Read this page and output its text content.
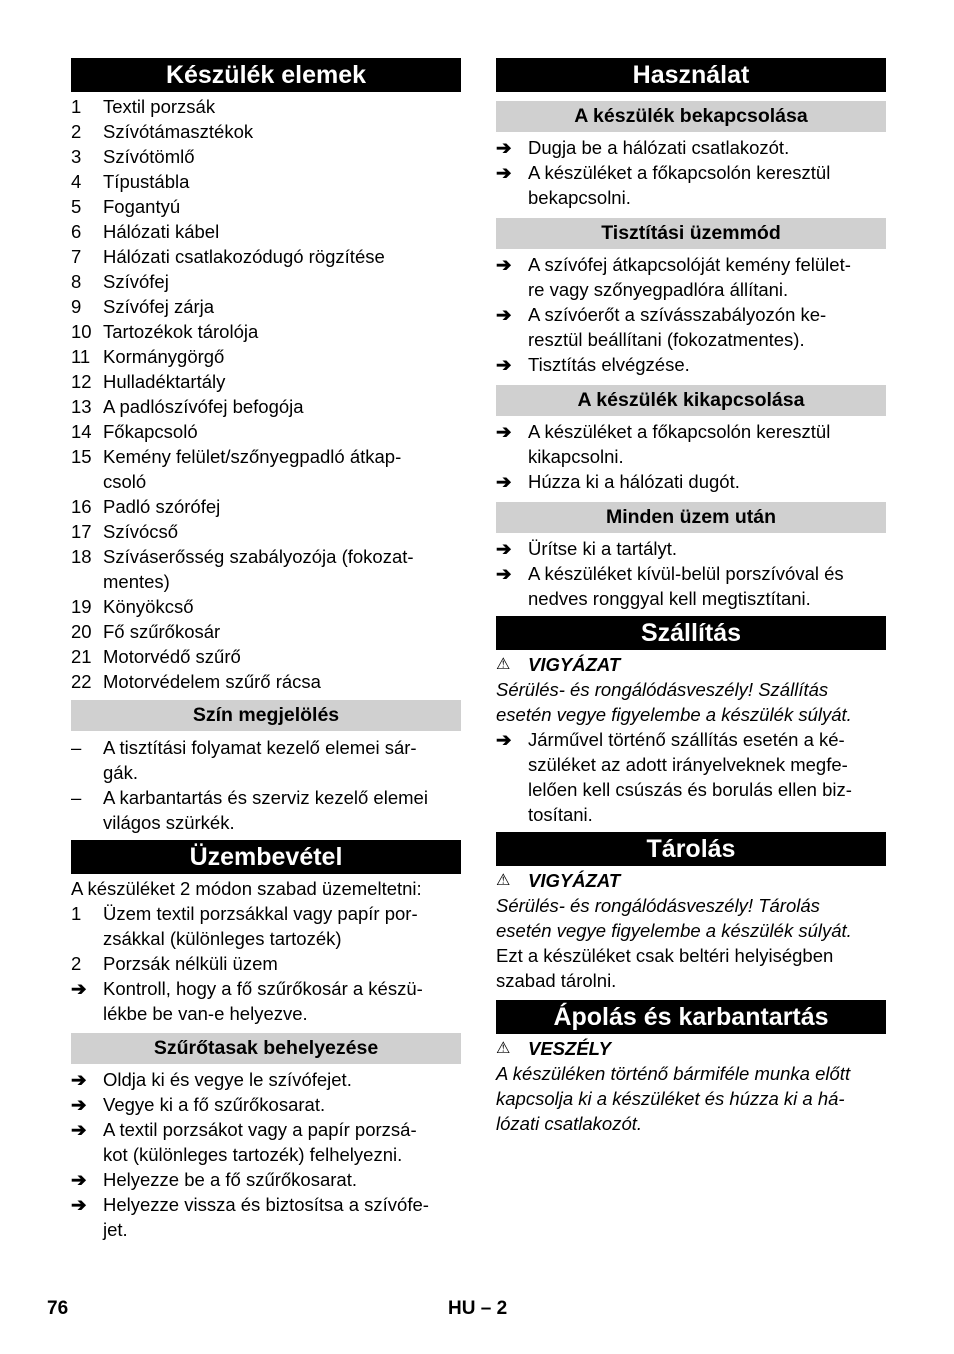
Készülék elemek
1	Textil porzsák
2	Szívótámasztékok
3	Szívótömlő
4	Típustábla
5	Fogantyú
6	Hálózati kábel
7	Hálózati csatlakozódugó rögzítése
8	Szívófej
9	Szívófej zárja
10 Tartozékok tárolója
11 Kormánygörgő
12 Hulladéktartály
13 A padlószívófej befogója
14 Főkapcsoló
15 Kemény felület/szőnyegpadló átkap-
csoló
16 Padló szórófej
17 Szívócső
18 Szíváserősség szabályozója (fokozat-
mentes)
19 Könyökcső
20 Fő szűrőkosár
21 Motorvédő szűrő
22 Motorvédelem szűrő rácsa
Szín megjelölés
–	A tisztítási folyamat kezelő elemei sár-
gák.
–	A karbantartás és szerviz kezelő elemei
világos szürkék.
Üzembevétel
A készüléket 2 módon szabad üzemeltetni:
1	Üzem textil porzsákkal vagy papír por-
zsákkal (különleges tartozék)
2	Porzsák nélküli üzem
➔ Kontroll, hogy a fő szűrőkosár a készü-
lékbe be van-e helyezve.
Szűrőtasak behelyezése
➔ Oldja ki és vegye le szívófejet.
➔ Vegye ki a fő szűrőkosarat.
➔ A textil porzsákot vagy a papír porzsá-
kot (különleges tartozék) felhelyezni.
➔ Helyezze be a fő szűrőkosarat.
➔ Helyezze vissza és biztosítsa a szívófe-
jet.
Használat
A készülék bekapcsolása
➔ Dugja be a hálózati csatlakozót.
➔ A készüléket a főkapcsolón keresztül
bekapcsolni.
Tisztítási üzemmód
➔ A szívófej átkapcsolóját kemény felület-
re vagy szőnyegpadlóra állítani.
➔ A szívóerőt a szívásszabályozón ke-
resztül beállítani (fokozatmentes).
➔ Tisztítás elvégzése.
A készülék kikapcsolása
➔ A készüléket a főkapcsolón keresztül
kikapcsolni.
➔ Húzza ki a hálózati dugót.
Minden üzem után
➔ Ürítse ki a tartályt.
➔ A készüléket kívül-belül porszívóval és
nedves ronggyal kell megtisztítani.
Szállítás
⚠ VIGYÁZAT
Sérülés- és rongálódásveszély! Szállítás
esetén vegye figyelembe a készülék súlyát.
➔ Járművel történő szállítás esetén a ké-
szüléket az adott irányelveknek megfe-
lelően kell csúszás és borulás ellen biz-
tosítani.
Tárolás
⚠ VIGYÁZAT
Sérülés- és rongálódásveszély! Tárolás
esetén vegye figyelembe a készülék súlyát.
Ezt a készüléket csak beltéri helyiségben
szabad tárolni.
Ápolás és karbantartás
⚠ VESZÉLY
A készüléken történő bármiféle munka előtt
kapcsolja ki a készüléket és húzza ki a há-
lózati csatlakozót.
76	HU – 2
